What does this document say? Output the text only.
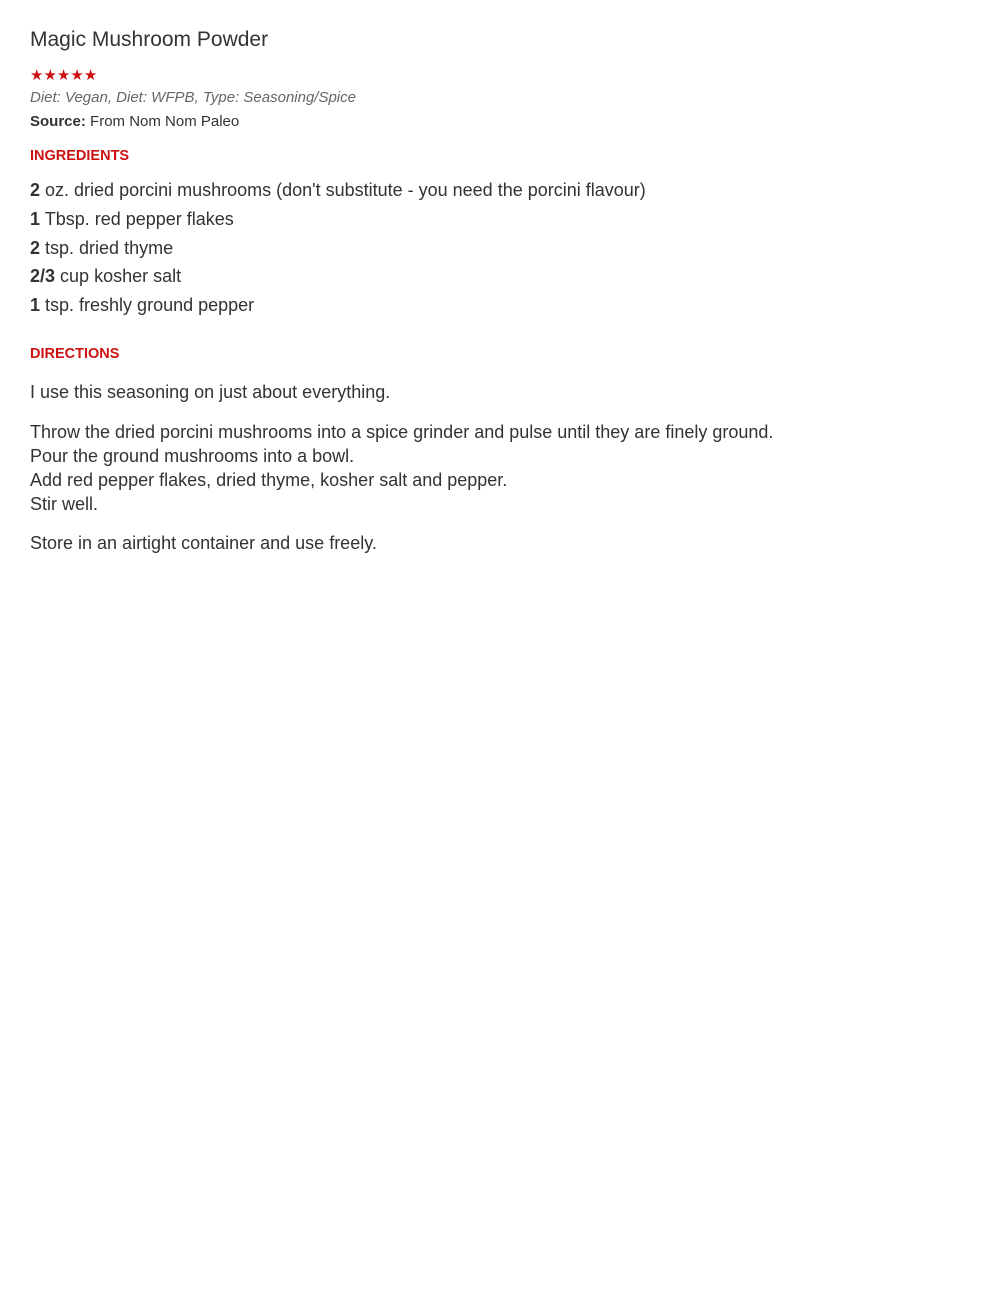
Magic Mushroom Powder
★★★★★
Diet: Vegan, Diet: WFPB, Type: Seasoning/Spice
Source: From Nom Nom Paleo
INGREDIENTS
2 oz. dried porcini mushrooms (don't substitute - you need the porcini flavour)
1 Tbsp. red pepper flakes
2 tsp. dried thyme
2/3 cup kosher salt
1 tsp. freshly ground pepper
DIRECTIONS
I use this seasoning on just about everything.
Throw the dried porcini mushrooms into a spice grinder and pulse until they are finely ground.
Pour the ground mushrooms into a bowl.
Add red pepper flakes, dried thyme, kosher salt and pepper.
Stir well.
Store in an airtight container and use freely.
